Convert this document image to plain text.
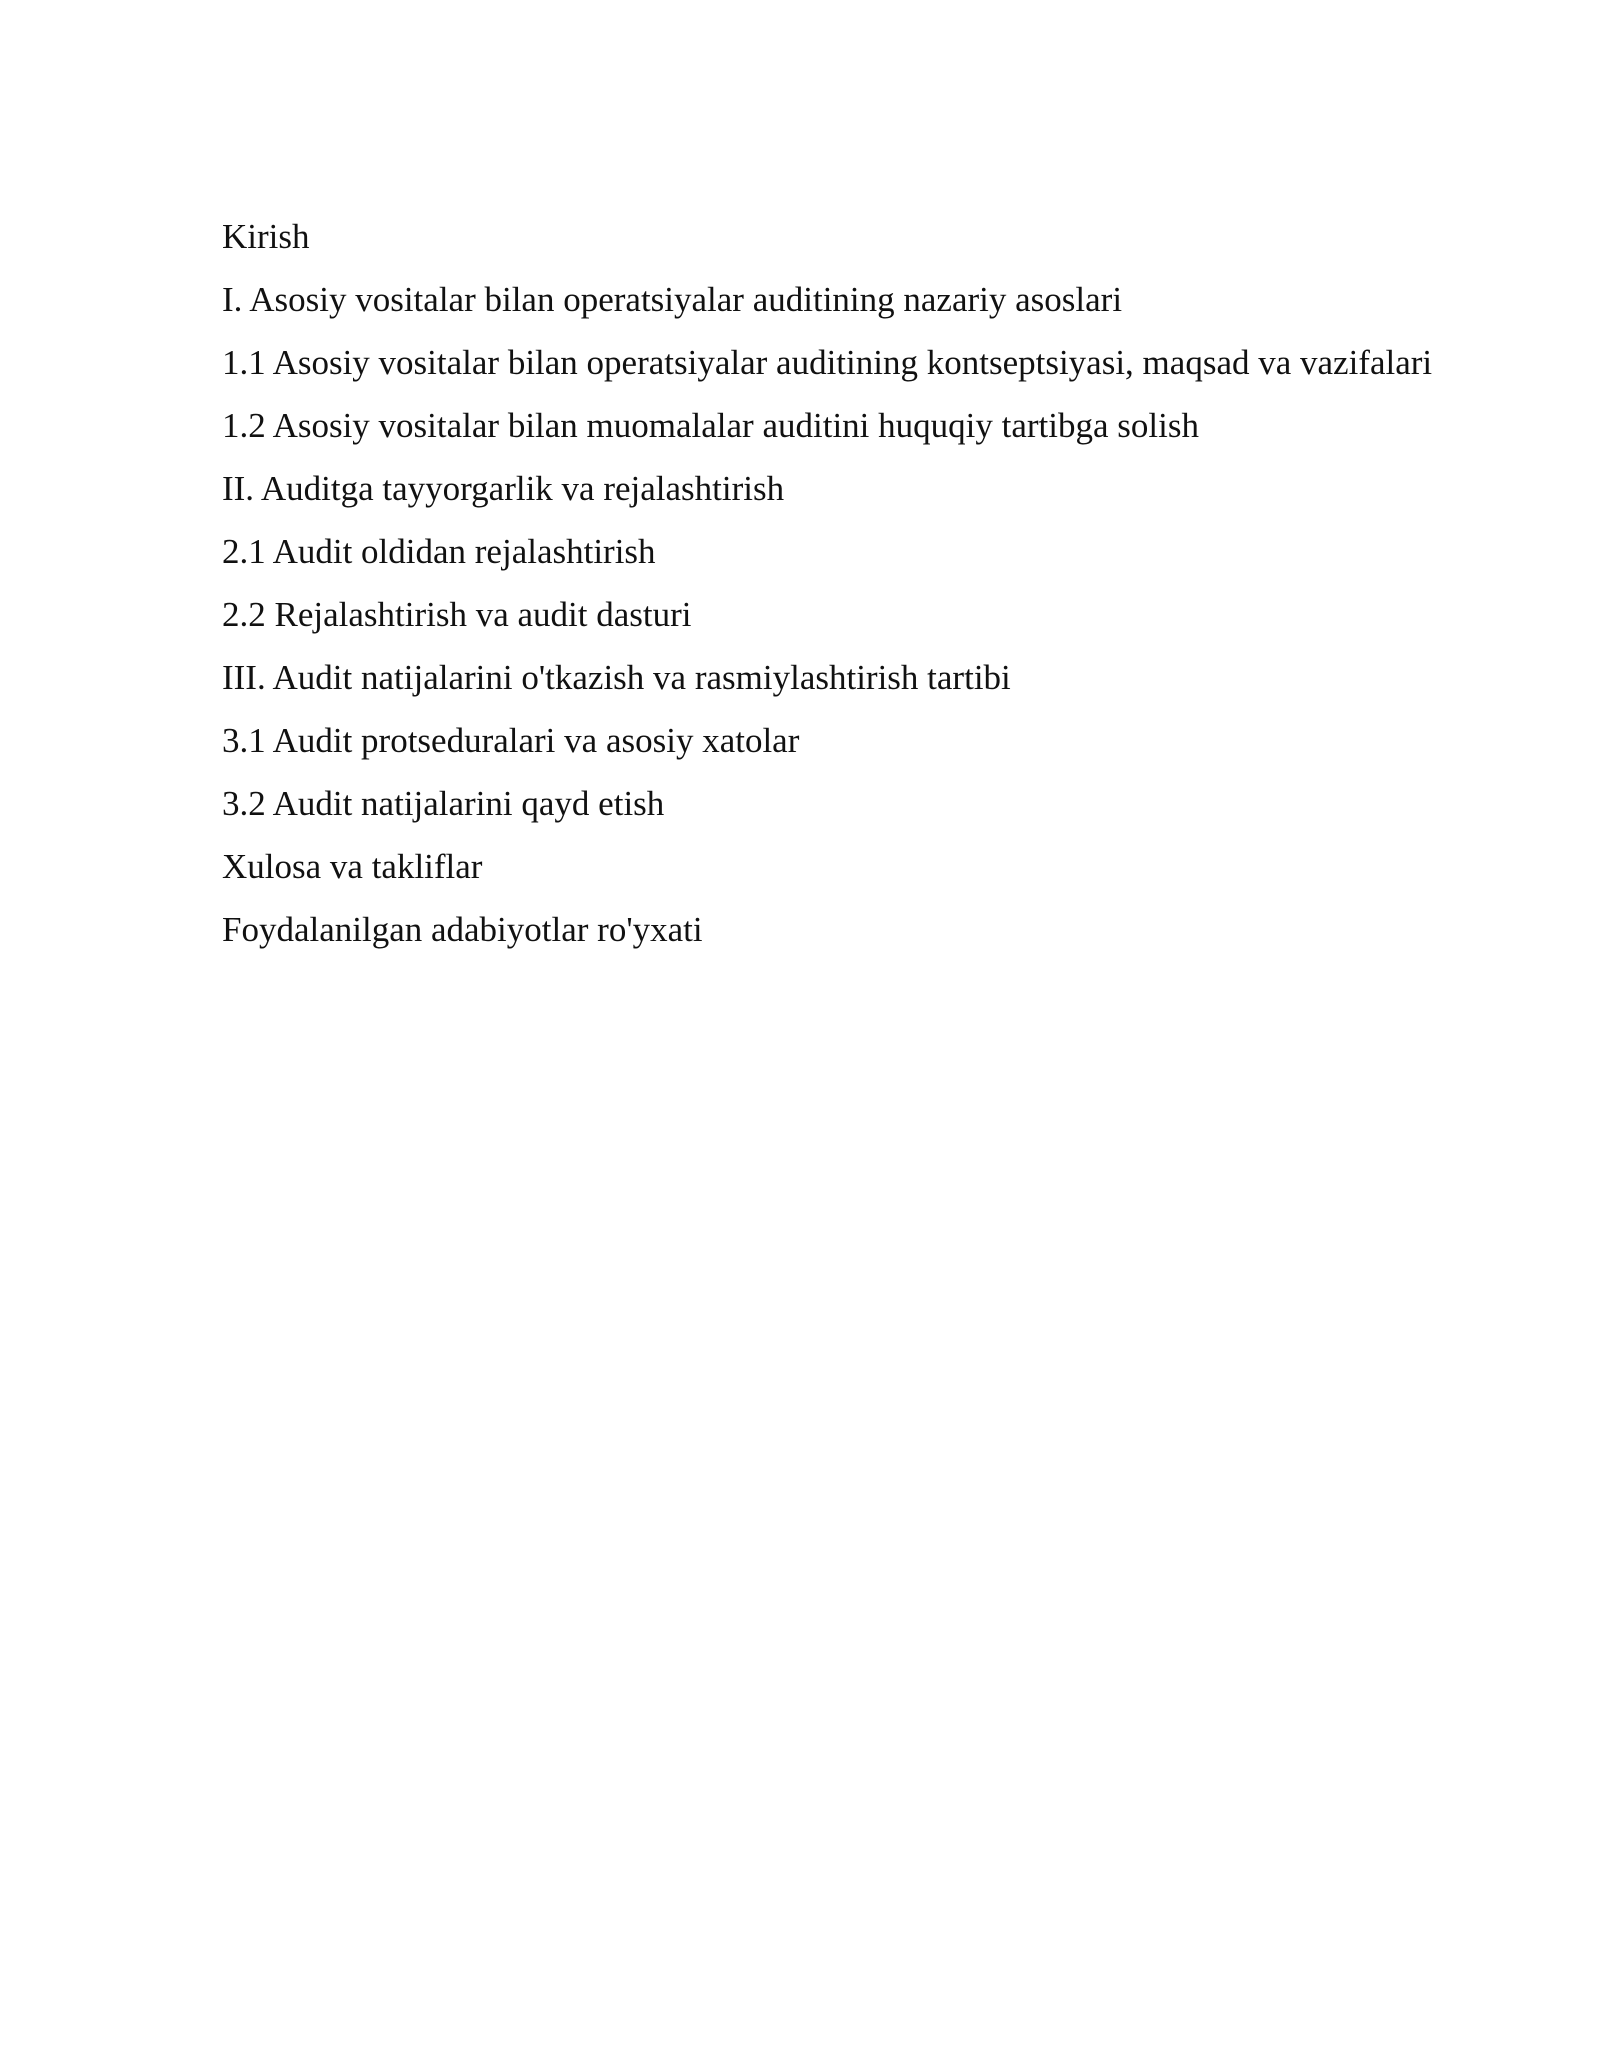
Kirish

I. Asosiy vositalar bilan operatsiyalar auditining nazariy asoslari

1.1 Asosiy vositalar bilan operatsiyalar auditining kontseptsiyasi, maqsad va vazifalari

1.2 Asosiy vositalar bilan muomalalar auditini huquqiy tartibga solish

II. Auditga tayyorgarlik va rejalashtirish

2.1 Audit oldidan rejalashtirish

2.2 Rejalashtirish va audit dasturi

III. Audit natijalarini o'tkazish va rasmiylashtirish tartibi

3.1 Audit protseduralari va asosiy xatolar

3.2 Audit natijalarini qayd etish

Xulosa va takliflar

Foydalanilgan adabiyotlar ro'yxati
